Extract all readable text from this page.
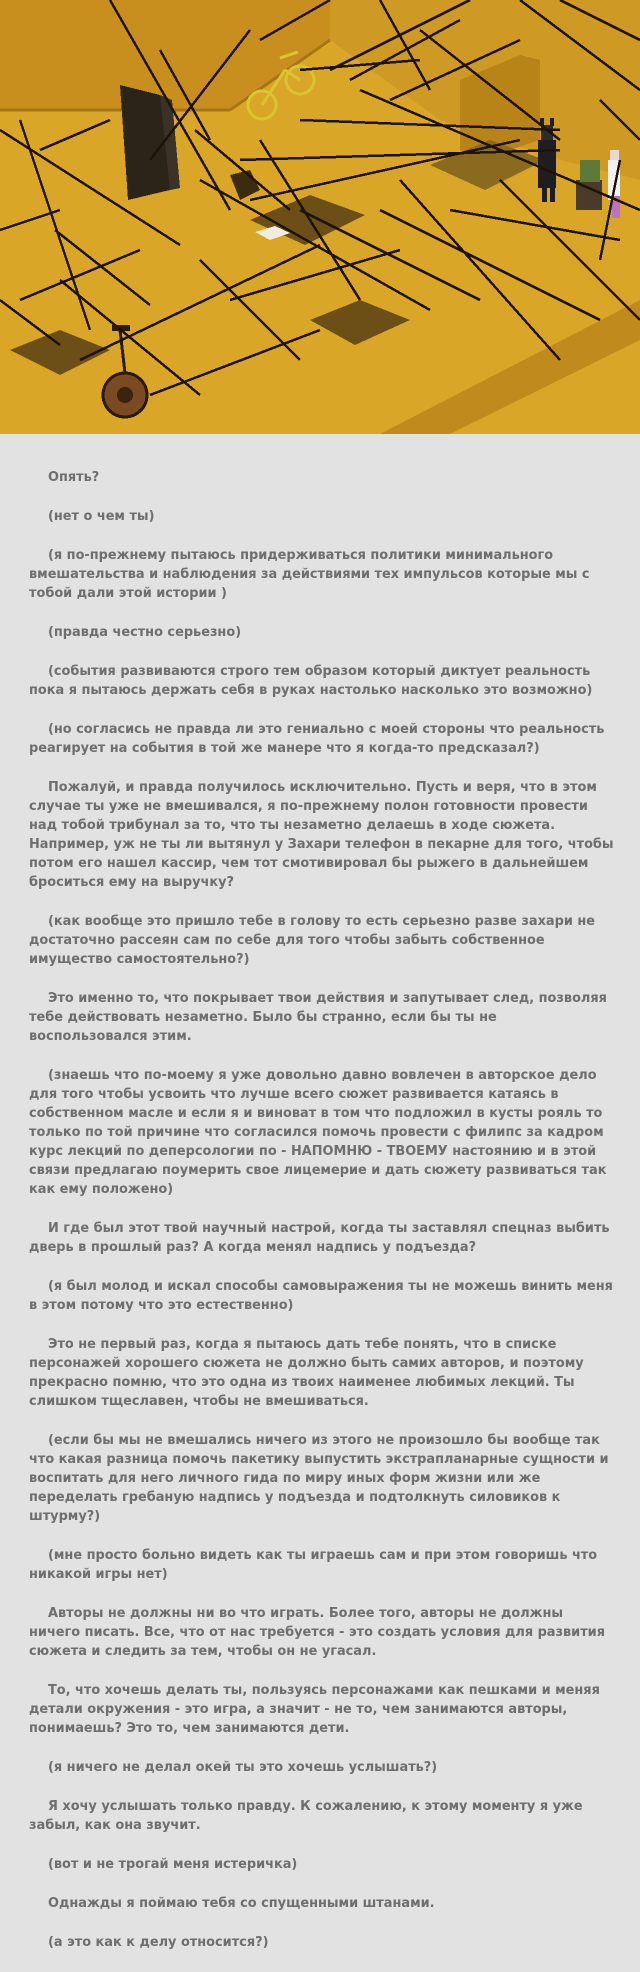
Опять?

(нет о чем ты)

(я по-прежнему пытаюсь придерживаться политики минимального вмешательства и наблюдения за действиями тех импульсов которые мы с тобой дали этой истории )

(правда честно серьезно)

(события развиваются строго тем образом который диктует реальность пока я пытаюсь держать себя в руках настолько насколько это возможно)

(но согласись не правда ли это гениально с моей стороны что реальность реагирует на события в той же манере что я когда-то предсказал?)

Пожалуй, и правда получилось исключительно. Пусть и веря, что в этом случае ты уже не вмешивался, я по-прежнему полон готовности провести над тобой трибунал за то, что ты незаметно делаешь в ходе сюжета. Например, уж не ты ли вытянул у Захари телефон в пекарне для того, чтобы потом его нашел кассир, чем тот смотивировал бы рыжего в дальнейшем броситься ему на выручку?

(как вообще это пришло тебе в голову то есть серьезно разве захари не достаточно рассеян сам по себе для того чтобы забыть собственное имущество самостоятельно?)

Это именно то, что покрывает твои действия и запутывает след, позволяя тебе действовать незаметно. Было бы странно, если бы ты не воспользовался этим.

(знаешь что по-моему я уже довольно давно вовлечен в авторское дело для того чтобы усвоить что лучше всего сюжет развивается катаясь в собственном масле и если я и виноват в том что подложил в кусты рояль то только по той причине что согласился помочь провести с филипс за кадром курс лекций по деперсологии по - НАПОМНЮ - ТВОЕМУ настоянию и в этой связи предлагаю поумерить свое лицемерие и дать сюжету развиваться так как ему положено)

И где был этот твой научный настрой, когда ты заставлял спецназ выбить дверь в прошлый раз? А когда менял надпись у подъезда?

(я был молод и искал способы самовыражения ты не можешь винить меня в этом потому что это естественно)

Это не первый раз, когда я пытаюсь дать тебе понять, что в списке персонажей хорошего сюжета не должно быть самих авторов, и поэтому прекрасно помню, что это одна из твоих наименее любимых лекций. Ты слишком тщеславен, чтобы не вмешиваться.

(если бы мы не вмешались ничего из этого не произошло бы вообще так что какая разница помочь пакетику выпустить экстрапланарные сущности и воспитать для него личного гида по миру иных форм жизни или же переделать гребаную надпись у подъезда и подтолкнуть силовиков к штурму?)

(мне просто больно видеть как ты играешь сам и при этом говоришь что никакой игры нет)

Авторы не должны ни во что играть. Более того, авторы не должны ничего писать. Все, что от нас требуется - это создать условия для развития сюжета и следить за тем, чтобы он не угасал.

То, что хочешь делать ты, пользуясь персонажами как пешками и меняя детали окружения - это игра, а значит - не то, чем занимаются авторы, понимаешь? Это то, чем занимаются дети.

(я ничего не делал окей ты это хочешь услышать?)

Я хочу услышать только правду. К сожалению, к этому моменту я уже забыл, как она звучит.

(вот и не трогай меня истеричка)

Однажды я поймаю тебя со спущенными штанами.

(а это как к делу относится?)
